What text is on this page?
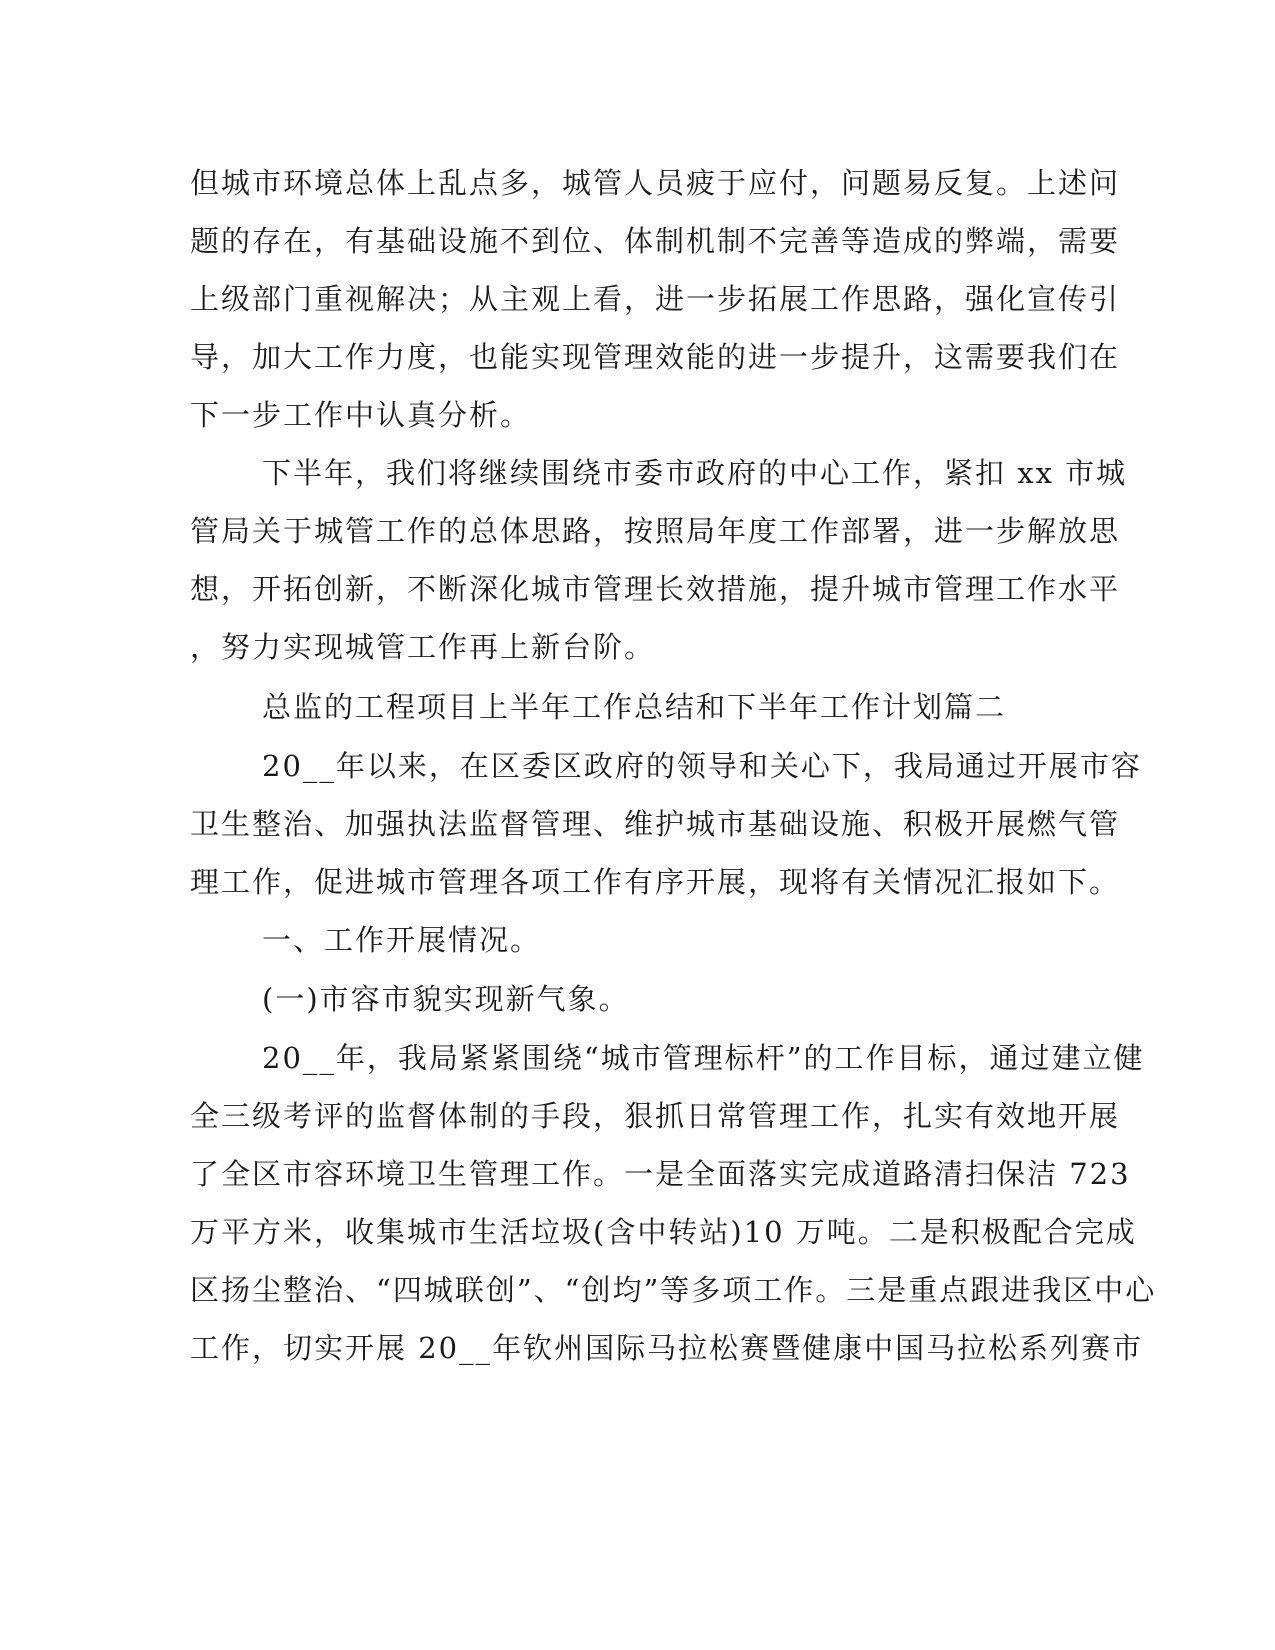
但城市环境总体上乱点多，城管人员疲于应付，问题易反复。上述问
题的存在，有基础设施不到位、体制机制不完善等造成的弊端，需要
上级部门重视解决；从主观上看，进一步拓展工作思路，强化宣传引
导，加大工作力度，也能实现管理效能的进一步提升，这需要我们在
下一步工作中认真分析。
下半年，我们将继续围绕市委市政府的中心工作，紧扣 xx 市城
管局关于城管工作的总体思路，按照局年度工作部署，进一步解放思
想，开拓创新，不断深化城市管理长效措施，提升城市管理工作水平
，努力实现城管工作再上新台阶。
总监的工程项目上半年工作总结和下半年工作计划篇二
20__年以来，在区委区政府的领导和关心下，我局通过开展市容
卫生整治、加强执法监督管理、维护城市基础设施、积极开展燃气管
理工作，促进城市管理各项工作有序开展，现将有关情况汇报如下。
一、工作开展情况。
(一)市容市貌实现新气象。
20__年，我局紧紧围绕“城市管理标杆”的工作目标，通过建立健
全三级考评的监督体制的手段，狠抓日常管理工作，扎实有效地开展
了全区市容环境卫生管理工作。一是全面落实完成道路清扫保洁 723
万平方米，收集城市生活垃圾(含中转站)10 万吨。二是积极配合完成
区扬尘整治、“四城联创”、“创均”等多项工作。三是重点跟进我区中心
工作，切实开展 20__年钦州国际马拉松赛暨健康中国马拉松系列赛市
